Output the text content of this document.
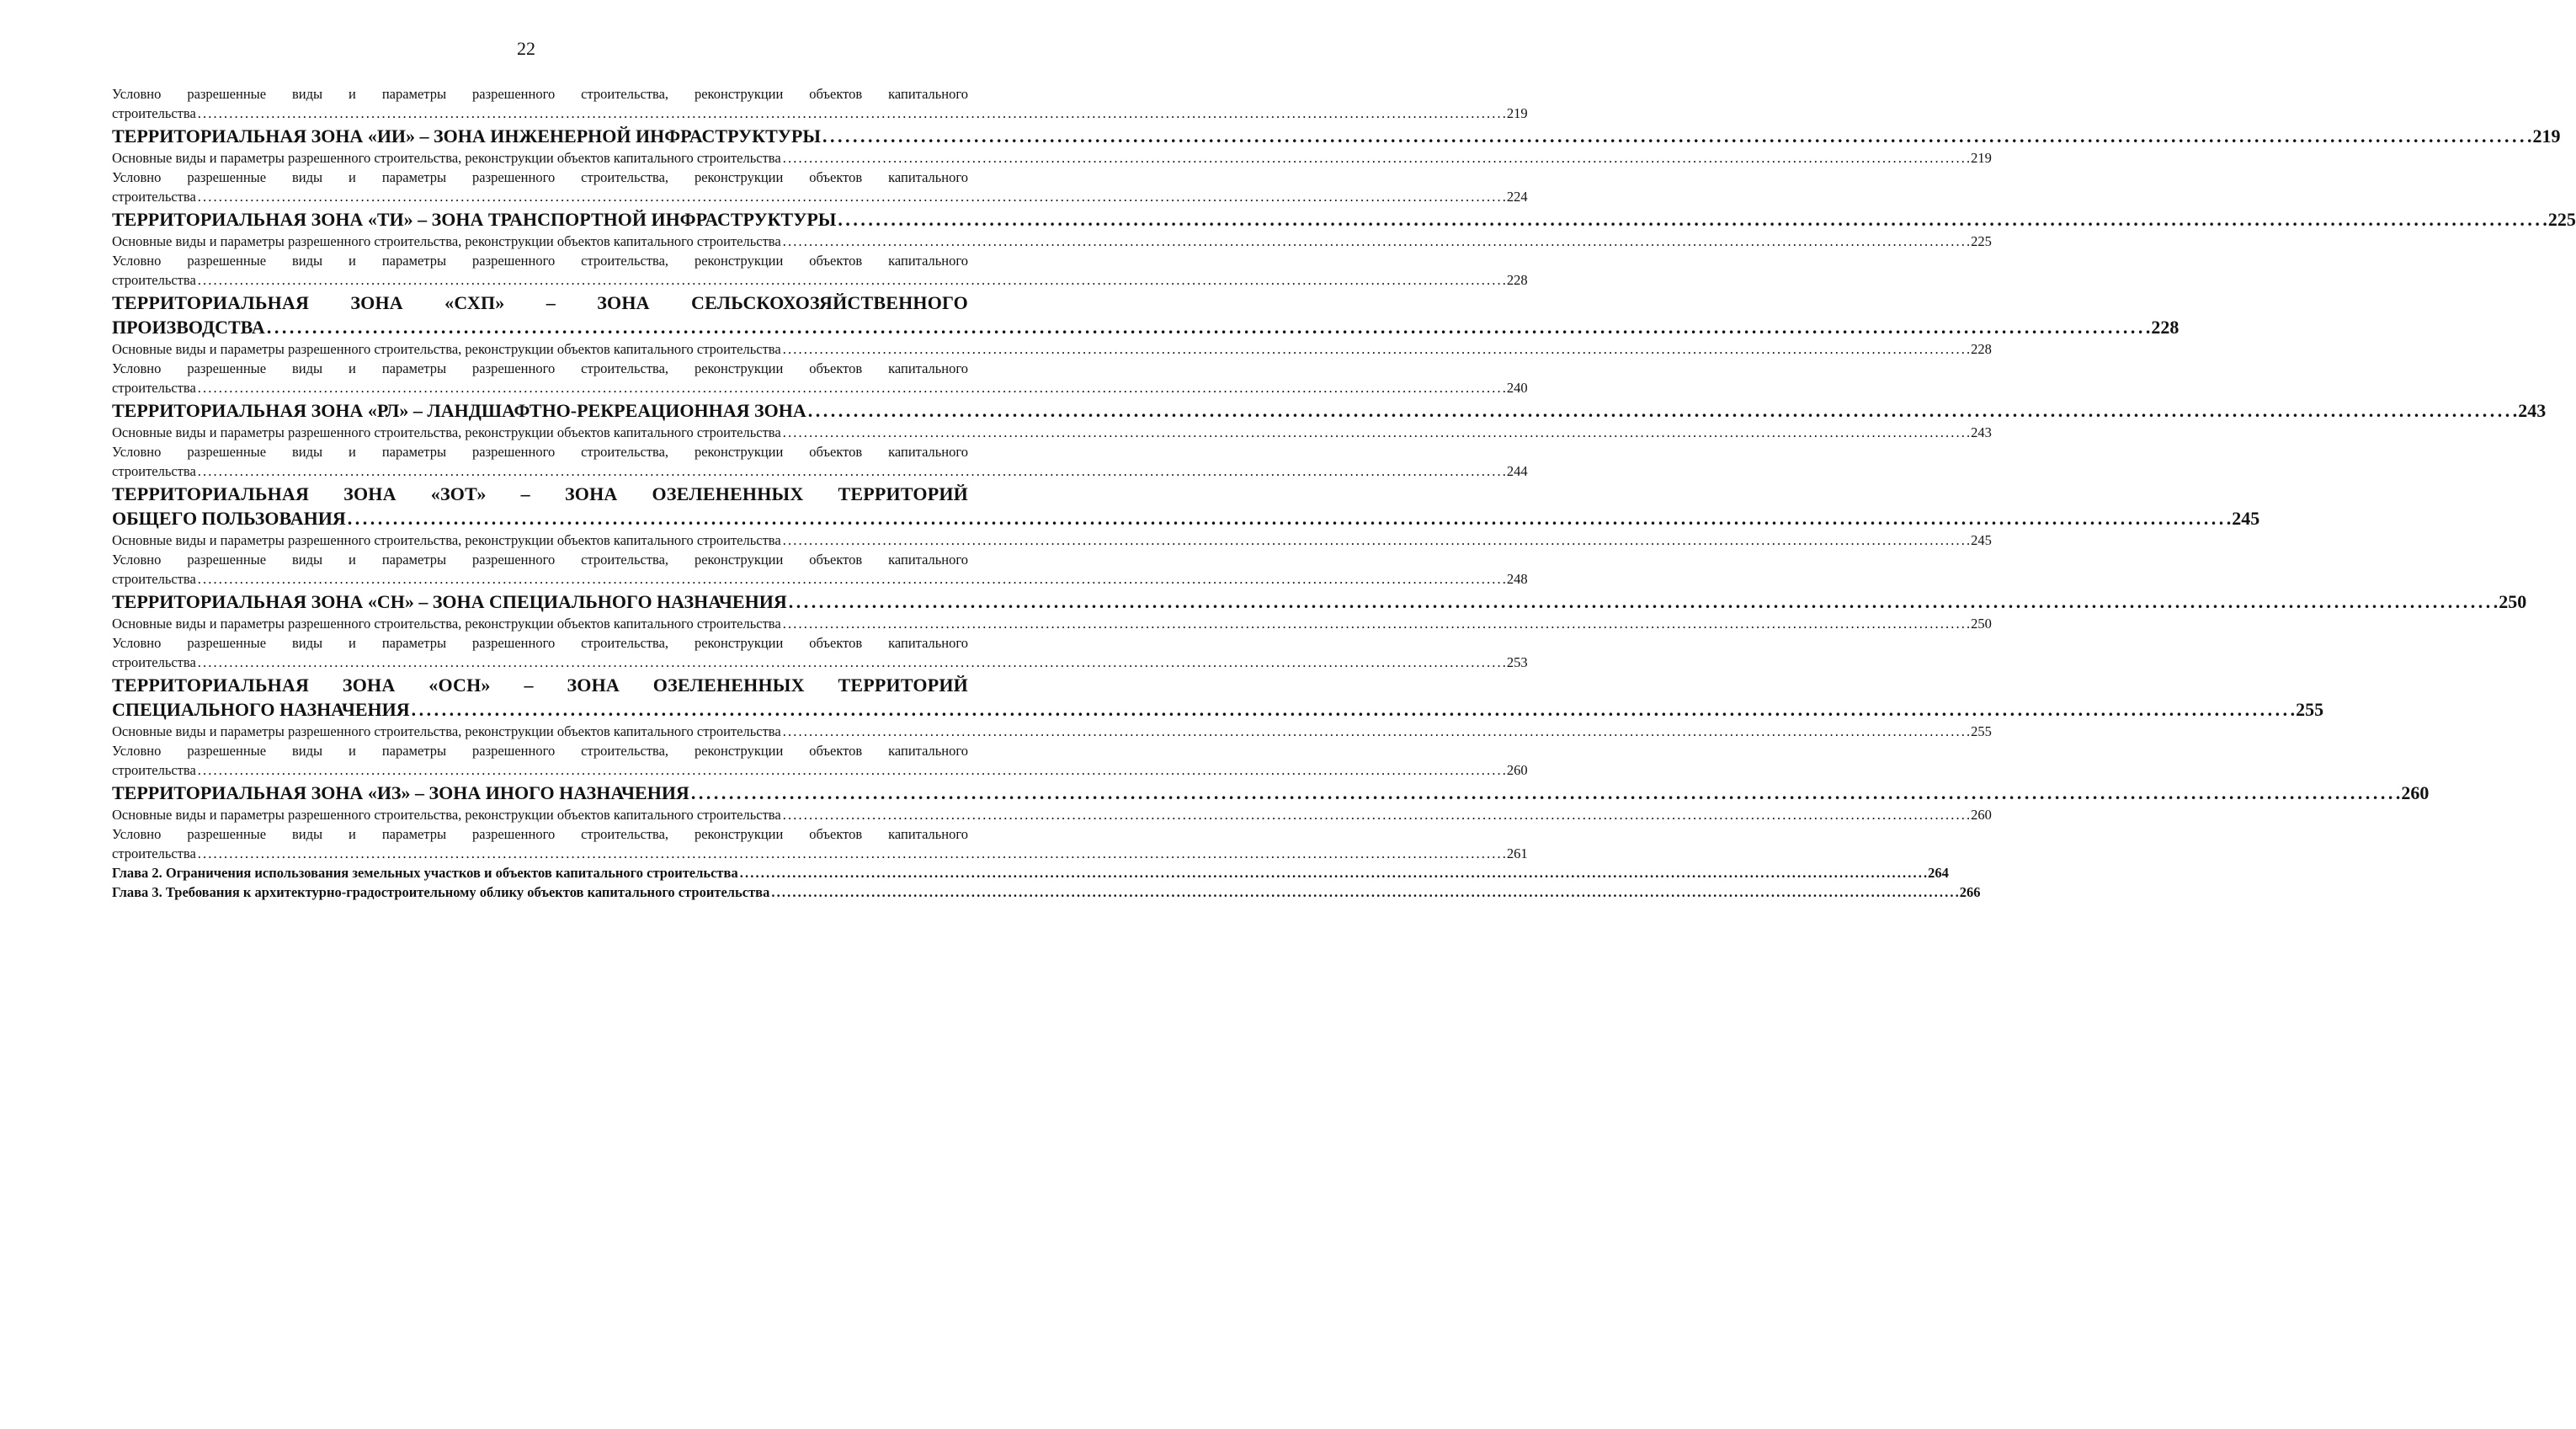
22
Условно разрешенные виды и параметры разрешенного строительства, реконструкции объектов капитального
строительства . . .	219
ТЕРРИТОРИАЛЬНАЯ ЗОНА «ИИ» – ЗОНА ИНЖЕНЕРНОЙ ИНФРАСТРУКТУРЫ . . .	219
Основные виды и параметры разрешенного строительства, реконструкции объектов капитального строительства . . .	219
Условно разрешенные виды и параметры разрешенного строительства, реконструкции объектов капитального
строительства . . .	224
ТЕРРИТОРИАЛЬНАЯ ЗОНА «ТИ» – ЗОНА ТРАНСПОРТНОЙ ИНФРАСТРУКТУРЫ . . .	225
Основные виды и параметры разрешенного строительства, реконструкции объектов капитального строительства . . .	225
Условно разрешенные виды и параметры разрешенного строительства, реконструкции объектов капитального
строительства . . .	228
ТЕРРИТОРИАЛЬНАЯ ЗОНА «СХП» – ЗОНА СЕЛЬСКОХОЗЯЙСТВЕННОГО
ПРОИЗВОДСТВА . . .	228
Основные виды и параметры разрешенного строительства, реконструкции объектов капитального строительства . . .	228
Условно разрешенные виды и параметры разрешенного строительства, реконструкции объектов капитального
строительства . . .	240
ТЕРРИТОРИАЛЬНАЯ ЗОНА «РЛ» – ЛАНДШАФТНО-РЕКРЕАЦИОННАЯ ЗОНА . . .	243
Основные виды и параметры разрешенного строительства, реконструкции объектов капитального строительства . . .	243
Условно разрешенные виды и параметры разрешенного строительства, реконструкции объектов капитального
строительства . . .	244
ТЕРРИТОРИАЛЬНАЯ ЗОНА «ЗОТ» – ЗОНА ОЗЕЛЕНЕННЫХ ТЕРРИТОРИЙ
ОБЩЕГО ПОЛЬЗОВАНИЯ . . .	245
Основные виды и параметры разрешенного строительства, реконструкции объектов капитального строительства . . .	245
Условно разрешенные виды и параметры разрешенного строительства, реконструкции объектов капитального
строительства . . .	248
ТЕРРИТОРИАЛЬНАЯ ЗОНА «СН» – ЗОНА СПЕЦИАЛЬНОГО НАЗНАЧЕНИЯ . . .	250
Основные виды и параметры разрешенного строительства, реконструкции объектов капитального строительства . . .	250
Условно разрешенные виды и параметры разрешенного строительства, реконструкции объектов капитального
строительства . . .	253
ТЕРРИТОРИАЛЬНАЯ ЗОНА «ОСН» – ЗОНА ОЗЕЛЕНЕННЫХ ТЕРРИТОРИЙ
СПЕЦИАЛЬНОГО НАЗНАЧЕНИЯ . . .	255
Основные виды и параметры разрешенного строительства, реконструкции объектов капитального строительства . . .	255
Условно разрешенные виды и параметры разрешенного строительства, реконструкции объектов капитального
строительства . . .	260
ТЕРРИТОРИАЛЬНАЯ ЗОНА «ИЗ» – ЗОНА ИНОГО НАЗНАЧЕНИЯ . . .	260
Основные виды и параметры разрешенного строительства, реконструкции объектов капитального строительства . . .	260
Условно разрешенные виды и параметры разрешенного строительства, реконструкции объектов капитального
строительства . . .	261
Глава 2. Ограничения использования земельных участков и объектов капитального строительства . . .	264
Глава 3. Требования к архитектурно-градостроительному облику объектов капитального строительства . . .	266
